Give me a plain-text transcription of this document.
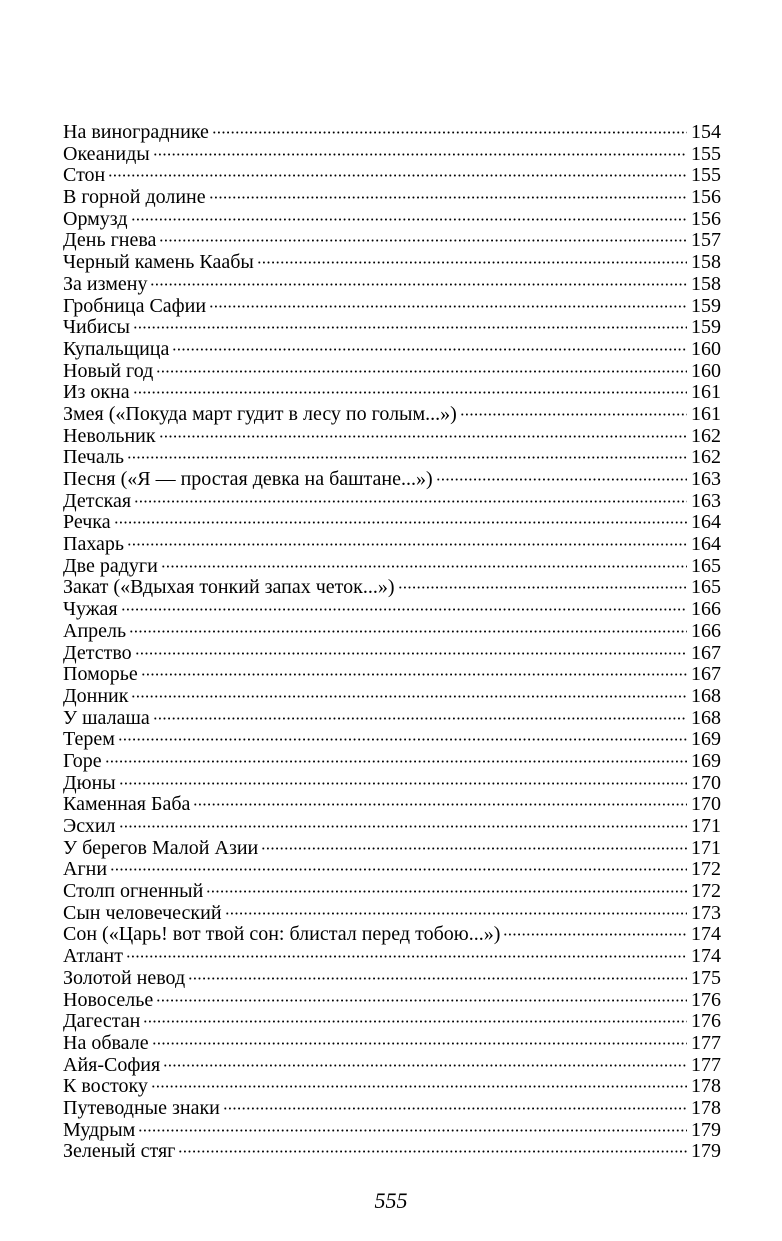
На винограднике	154
Океаниды	155
Стон	155
В горной долине	156
Ормузд	156
День гнева	157
Черный камень Каабы	158
За измену	158
Гробница Сафии	159
Чибисы	159
Купальщица	160
Новый год	160
Из окна	161
Змея («Покуда март гудит в лесу по голым...»)	161
Невольник	162
Печаль	162
Песня («Я — простая девка на баштане...»)	163
Детская	163
Речка	164
Пахарь	164
Две радуги	165
Закат («Вдыхая тонкий запах четок...»)	165
Чужая	166
Апрель	166
Детство	167
Поморье	167
Донник	168
У шалаша	168
Терем	169
Горе	169
Дюны	170
Каменная Баба	170
Эсхил	171
У берегов Малой Азии	171
Агни	172
Столп огненный	172
Сын человеческий	173
Сон («Царь! вот твой сон: блистал перед тобою...»)	174
Атлант	174
Золотой невод	175
Новоселье	176
Дагестан	176
На обвале	177
Айя-София	177
К востоку	178
Путеводные знаки	178
Мудрым	179
Зеленый стяг	179
555
